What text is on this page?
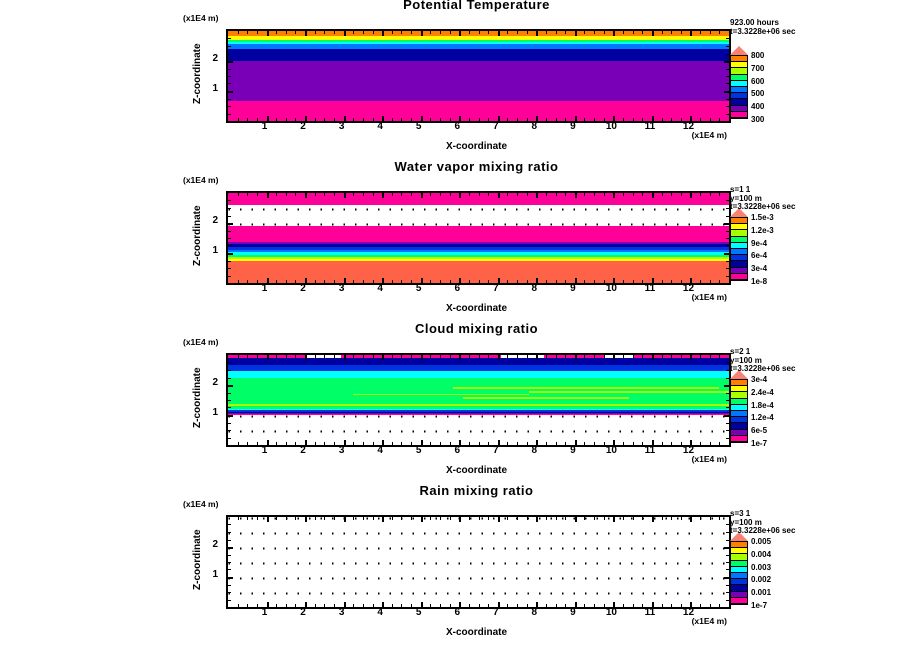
Potential Temperature
(x1E4 m)
Z-coordinate 2
1
1	2	3	4	5	6	7	8	9	10	11	12
(x1E4 m)
X-coordinate
800
700
600
500
400
300
923.00 hours
t=3.3228e+06 sec
Water vapor mixing ratio
(x1E4 m)
Z-coordinate 2
1
1	2	3	4	5	6	7	8	9	10	11	12
(x1E4 m)
X-coordinate
1.5e-3
1.2e-3
9e-4
6e-4
3e-4
1e-8
s=1 1
y=100 m
t=3.3228e+06 sec
Cloud mixing ratio
(x1E4 m)
Z-coordinate 2
1
1	2	3	4	5	6	7	8	9	10	11	12
(x1E4 m)
X-coordinate
3e-4
2.4e-4
1.8e-4
1.2e-4
6e-5
1e-7
s=2 1
y=100 m
t=3.3228e+06 sec
Rain mixing ratio
(x1E4 m)
Z-coordinate 2
1
1	2	3	4	5	6	7	8	9	10	11	12
(x1E4 m)
X-coordinate
0.005
0.004
0.003
0.002
0.001
1e-7
s=3 1
y=100 m
t=3.3228e+06 sec
